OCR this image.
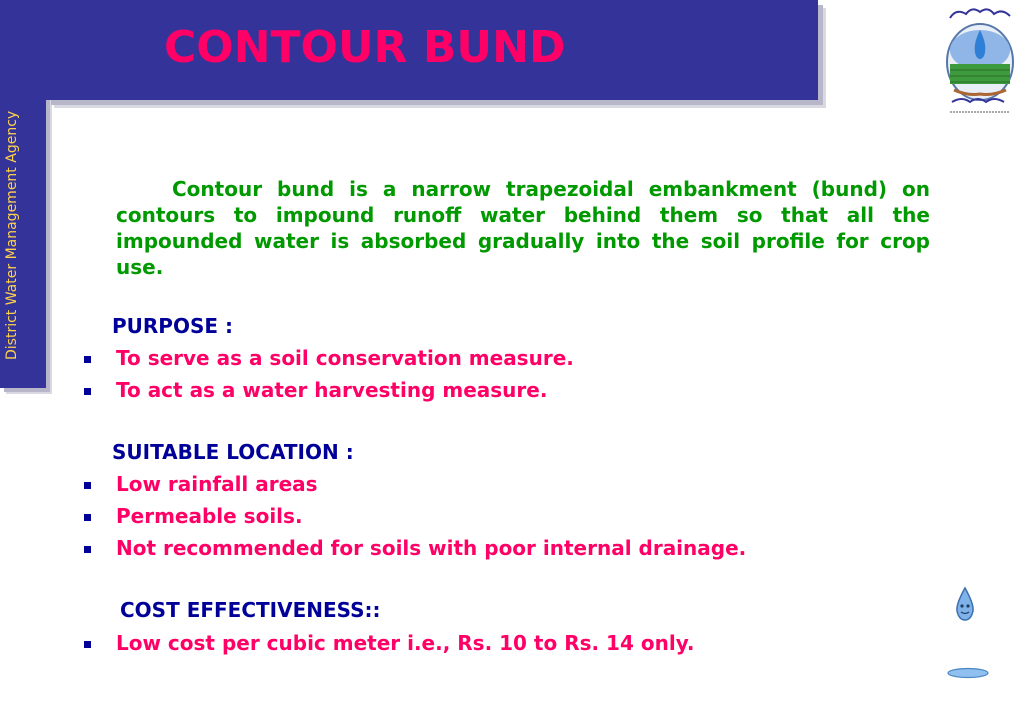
District Water Management Agency
CONTOUR BUND

Contour bund is a narrow trapezoidal embankment (bund) on contours to impound runoff water behind them so that all the impounded water is absorbed gradually into the soil profile for crop use.

PURPOSE :
To serve as a soil conservation measure.
To act as a water harvesting measure.
SUITABLE LOCATION :
Low rainfall areas
Permeable soils.
Not recommended for soils with poor internal drainage.
COST EFFECTIVENESS::
Low cost per cubic meter i.e., Rs. 10 to Rs. 14 only.
